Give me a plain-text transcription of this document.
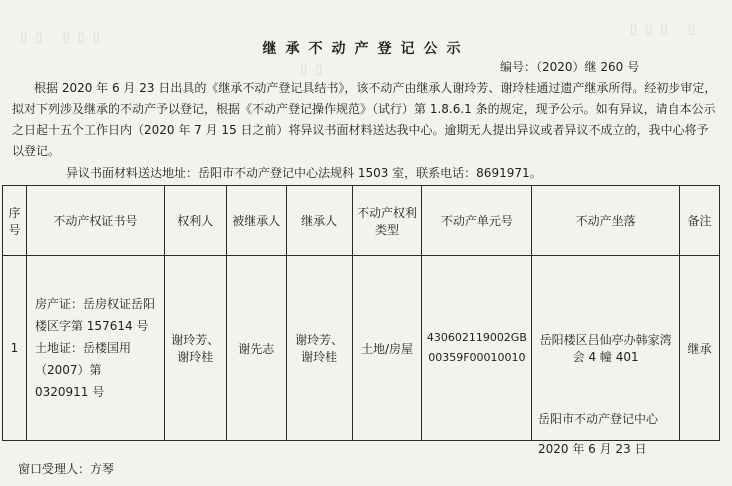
▯▯ ▯▯▯
▯▯▯ ▯
▯▯
继承不动产登记公示
编号：（2020）继 260 号
根据 2020 年 6 月 23 日出具的《继承不动产登记具结书》，该不动产由继承人谢玲芳、谢玲桂通过遗产继承所得。经初步审定， 拟对下列涉及继承的不动产予以登记，根据《不动产登记操作规范》（试行）第 1.8.6.1 条的规定，现予公示。如有异议，请自本公示之日起十五个工作日内（2020 年 7 月 15 日之前）将异议书面材料送达我中心。逾期无人提出异议或者异议不成立的，我中心将予以登记。
异议书面材料送达地址：岳阳市不动产登记中心法规科 1503 室，联系电话：8691971。
序号	不动产权证书号	权利人	被继承人	继承人	不动产权利类型	不动产单元号	不动产坐落	备注
1	房产证：岳房权证岳阳楼区字第 157614 号 土地证：岳楼国用（2007）第 0320911 号	谢玲芳、谢玲桂	谢先志	谢玲芳、谢玲桂	土地/房屋	430602119002GB00359F00010010	岳阳楼区吕仙亭办韩家湾会 4 幢 401	继承
岳阳市不动产登记中心
2020 年 6 月 23 日
窗口受理人：方琴
